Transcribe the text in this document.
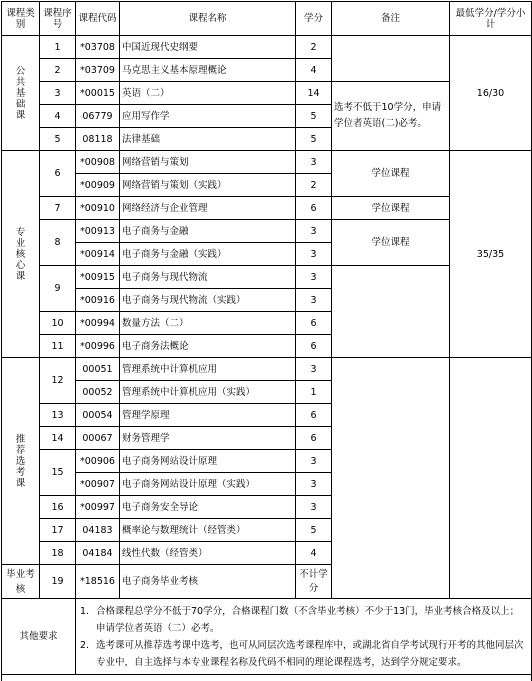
课程类别	课程序号	课程代码	课程名称	学分	备注	最低学分/学分小计

公
共
基
础
课	1	*03708	中国近现代史纲要	2		16/30
	2	*03709	马克思主义基本原理概论	4		
	3	*00015	英语（二）	14	选考不低于10学分，申请学位者英语(二)必考。	
	4	06779	应用写作学	5		
	5	08118	法律基础	5		

专
业
核
心
课	6	*00908	网络营销与策划	3	学位课程	35/35
		*00909	网络营销与策划（实践）	2		
	7	*00910	网络经济与企业管理	6	学位课程	
	8	*00913	电子商务与金融	3	学位课程	
		*00914	电子商务与金融（实践）	3		
	9	*00915	电子商务与现代物流	3		
		*00916	电子商务与现代物流（实践）	3		
	10	*00994	数量方法（二）	6		
	11	*00996	电子商务法概论	6		

推
荐
选
考
课	12	00051	管理系统中计算机应用	3		
		00052	管理系统中计算机应用（实践）	1		
	13	00054	管理学原理	6		
	14	00067	财务管理学	6		
	15	*00906	电子商务网站设计原理	3		
		*00907	电子商务网站设计原理（实践）	3		
	16	*00997	电子商务安全导论	3		
	17	04183	概率论与数理统计（经管类）	5		
	18	04184	线性代数（经管类）	4		
毕业考核	19	*18516	电子商务毕业考核	不计学分		
其他要求		1. 合格课程总学分不低于70学分，合格课程门数（不含毕业考核）不少于13门，毕业考核合格及以上；申请学位者英语（二）必考。
2. 选考课可从推荐选考课中选考，也可从同层次选考课程库中，或湖北省自学考试现行开考的其他同层次专业中，自主选择与本专业课程名称及代码不相同的理论课程选考，达到学分规定要求。				
